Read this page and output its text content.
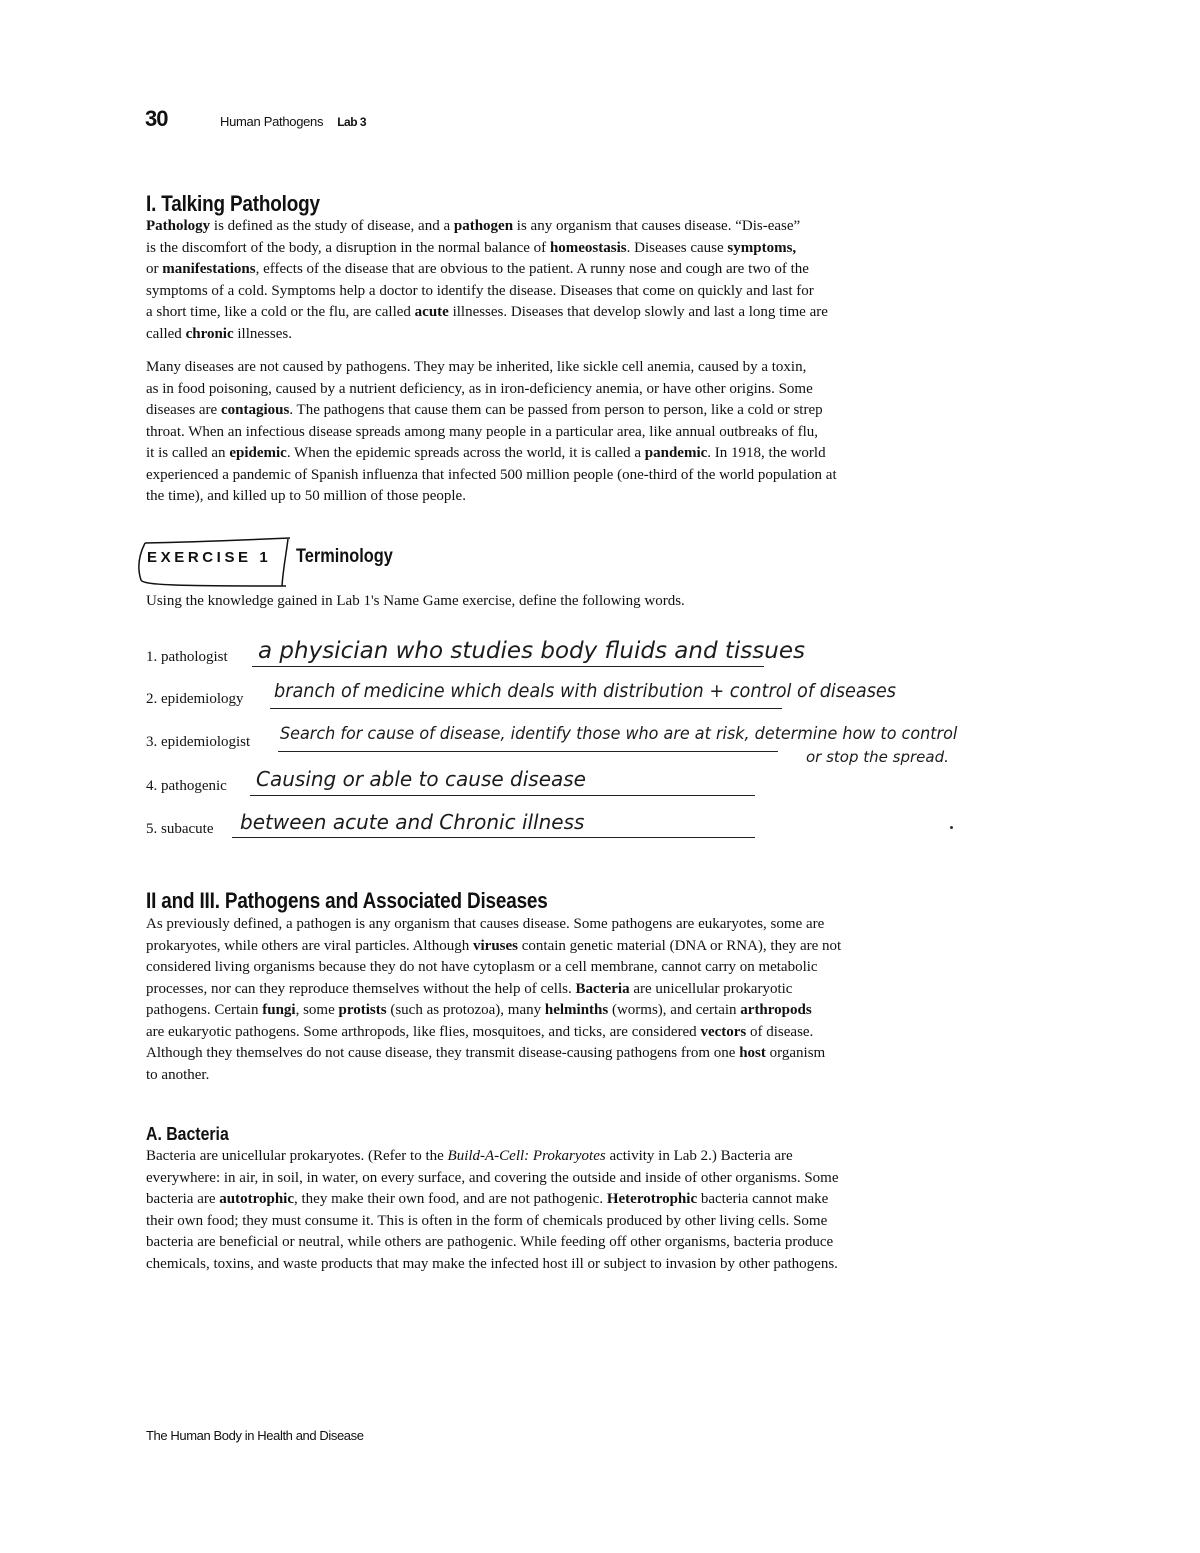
30	Human Pathogens Lab 3
I. Talking Pathology
Pathology is defined as the study of disease, and a pathogen is any organism that causes disease. “Dis-ease”
is the discomfort of the body, a disruption in the normal balance of homeostasis. Diseases cause symptoms,
or manifestations, effects of the disease that are obvious to the patient. A runny nose and cough are two of the
symptoms of a cold. Symptoms help a doctor to identify the disease. Diseases that come on quickly and last for
a short time, like a cold or the flu, are called acute illnesses. Diseases that develop slowly and last a long time are
called chronic illnesses.
Many diseases are not caused by pathogens. They may be inherited, like sickle cell anemia, caused by a toxin,
as in food poisoning, caused by a nutrient deficiency, as in iron-deficiency anemia, or have other origins. Some
diseases are contagious. The pathogens that cause them can be passed from person to person, like a cold or strep
throat. When an infectious disease spreads among many people in a particular area, like annual outbreaks of flu,
it is called an epidemic. When the epidemic spreads across the world, it is called a pandemic. In 1918, the world
experienced a pandemic of Spanish influenza that infected 500 million people (one-third of the world population at
the time), and killed up to 50 million of those people.
EXERCISE 1 Terminology
Using the knowledge gained in Lab 1's Name Game exercise, define the following words.
1. pathologist a physician who studies body fluids and tissues
2. epidemiology branch of medicine which deals with distribution + control of diseases
3. epidemiologist Search for cause of disease, identify those who are at risk, determine how to control
or stop the spread.
4. pathogenic Causing or able to cause disease
5. subacute between acute and Chronic illness
II and III. Pathogens and Associated Diseases
As previously defined, a pathogen is any organism that causes disease. Some pathogens are eukaryotes, some are
prokaryotes, while others are viral particles. Although viruses contain genetic material (DNA or RNA), they are not
considered living organisms because they do not have cytoplasm or a cell membrane, cannot carry on metabolic
processes, nor can they reproduce themselves without the help of cells. Bacteria are unicellular prokaryotic
pathogens. Certain fungi, some protists (such as protozoa), many helminths (worms), and certain arthropods
are eukaryotic pathogens. Some arthropods, like flies, mosquitoes, and ticks, are considered vectors of disease.
Although they themselves do not cause disease, they transmit disease-causing pathogens from one host organism
to another.
A. Bacteria
Bacteria are unicellular prokaryotes. (Refer to the Build-A-Cell: Prokaryotes activity in Lab 2.) Bacteria are
everywhere: in air, in soil, in water, on every surface, and covering the outside and inside of other organisms. Some
bacteria are autotrophic, they make their own food, and are not pathogenic. Heterotrophic bacteria cannot make
their own food; they must consume it. This is often in the form of chemicals produced by other living cells. Some
bacteria are beneficial or neutral, while others are pathogenic. While feeding off other organisms, bacteria produce
chemicals, toxins, and waste products that may make the infected host ill or subject to invasion by other pathogens.
The Human Body in Health and Disease
